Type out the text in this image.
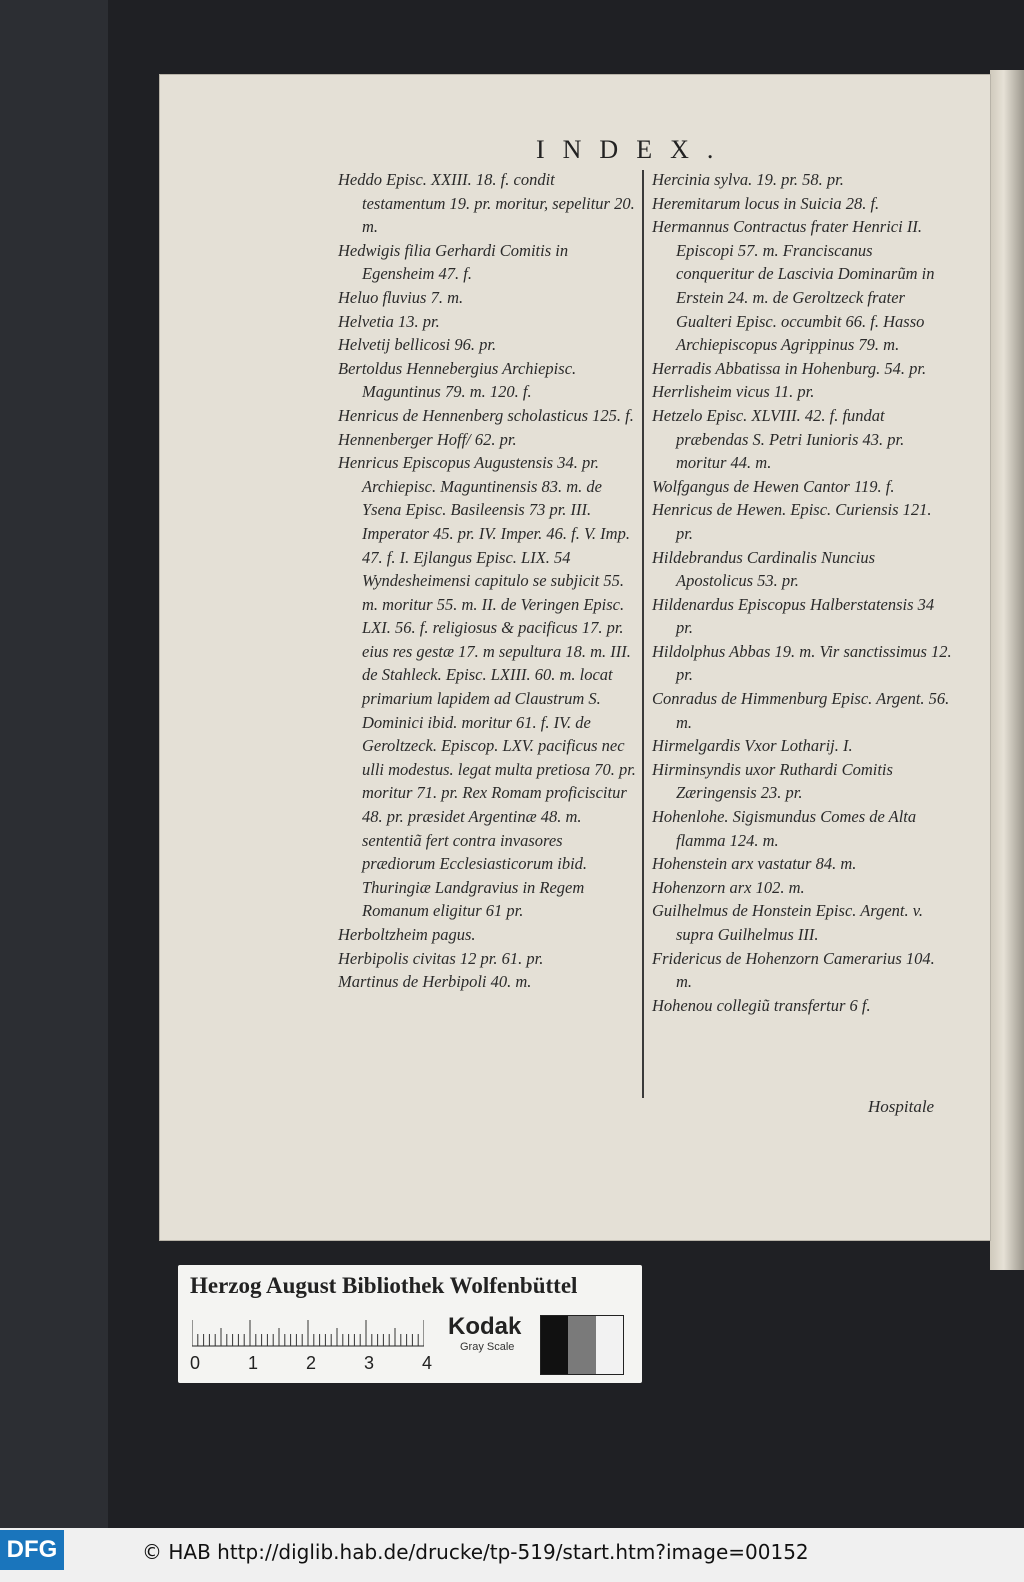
INDEX.

Heddo Episc. XXIII. 18. f. condit testamentum 19. pr. moritur, sepelitur 20. m.

Hedwigis filia Gerhardi Comitis in Egensheim 47. f.

Heluo fluvius 7. m.

Helvetia 13. pr.

Helvetij bellicosi 96. pr.

Bertoldus Hennebergius Archiepisc. Maguntinus 79. m. 120. f.

Henricus de Hennenberg scholasticus 125. f.

Hennenberger Hoff/ 62. pr.

Henricus Episcopus Augustensis 34. pr. Archiepisc. Maguntinensis 83. m. de Ysena Episc. Basileensis 73 pr. III. Imperator 45. pr. IV. Imper. 46. f. V. Imp. 47. f. I. Ejlangus Episc. LIX. 54 Wyndesheimensi capitulo se subjicit 55. m. moritur 55. m. II. de Veringen Episc. LXI. 56. f. religiosus & pacificus 17. pr. eius res gestæ 17. m sepultura 18. m. III. de Stahleck. Episc. LXIII. 60. m. locat primarium lapidem ad Claustrum S. Dominici ibid. moritur 61. f. IV. de Geroltzeck. Episcop. LXV. pacificus nec ulli modestus. legat multa pretiosa 70. pr. moritur 71. pr. Rex Romam proficiscitur 48. pr. præsidet Argentinæ 48. m. sententiã fert contra invasores prædiorum Ecclesiasticorum ibid. Thuringiæ Landgravius in Regem Romanum eligitur 61 pr.

Herboltzheim pagus.

Herbipolis civitas 12 pr. 61. pr.

Martinus de Herbipoli 40. m.

Hercinia sylva. 19. pr. 58. pr.

Heremitarum locus in Suicia 28. f.

Hermannus Contractus frater Henrici II. Episcopi 57. m. Franciscanus conqueritur de Lascivia Dominarũm in Erstein 24. m. de Geroltzeck frater Gualteri Episc. occumbit 66. f. Hasso Archiepiscopus Agrippinus 79. m.

Herradis Abbatissa in Hohenburg. 54. pr.

Herrlisheim vicus 11. pr.

Hetzelo Episc. XLVIII. 42. f. fundat præbendas S. Petri Iunioris 43. pr. moritur 44. m.

Wolfgangus de Hewen Cantor 119. f.

Henricus de Hewen. Episc. Curiensis 121. pr.

Hildebrandus Cardinalis Nuncius Apostolicus 53. pr.

Hildenardus Episcopus Halberstatensis 34 pr.

Hildolphus Abbas 19. m. Vir sanctissimus 12. pr.

Conradus de Himmenburg Episc. Argent. 56. m.

Hirmelgardis Vxor Lotharij. I.

Hirminsyndis uxor Ruthardi Comitis Zæringensis 23. pr.

Hohenlohe. Sigismundus Comes de Alta flamma 124. m.

Hohenstein arx vastatur 84. m.

Hohenzorn arx 102. m.

Guilhelmus de Honstein Episc. Argent. v. supra Guilhelmus III.

Fridericus de Hohenzorn Camerarius 104. m.

Hohenou collegiũ transfertur 6 f.

Hospitale
Herzog August Bibliothek Wolfenbüttel
0	1	2	3	4
Kodak
Gray Scale
DFG	© HAB http://diglib.hab.de/drucke/tp-519/start.htm?image=00152
